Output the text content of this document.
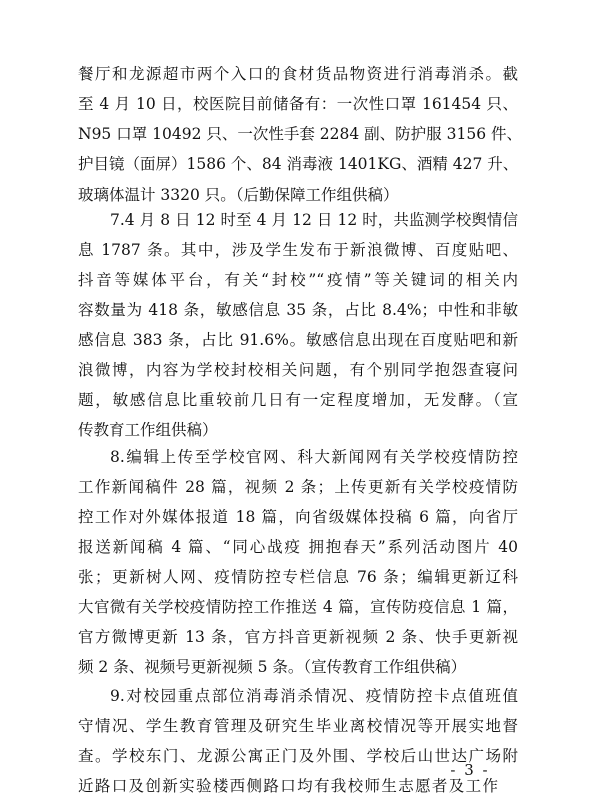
餐厅和龙源超市两个入口的食材货品物资进行消毒消杀。截
至 4 月 10 日，校医院目前储备有：一次性口罩 161454 只、
N95 口罩 10492 只、一次性手套 2284 副、防护服 3156 件、
护目镜（面屏）1586 个、84 消毒液 1401KG、酒精 427 升、
玻璃体温计 3320 只。（后勤保障工作组供稿）
7.4 月 8 日 12 时至 4 月 12 日 12 时，共监测学校舆情信
息 1787 条。其中，涉及学生发布于新浪微博、百度贴吧、
抖音等媒体平台，有关“封校”“疫情”等关键词的相关内
容数量为 418 条，敏感信息 35 条，占比 8.4%；中性和非敏
感信息 383 条，占比 91.6%。敏感信息出现在百度贴吧和新
浪微博，内容为学校封校相关问题，有个别同学抱怨查寝问
题，敏感信息比重较前几日有一定程度增加，无发酵。（宣
传教育工作组供稿）
8.编辑上传至学校官网、科大新闻网有关学校疫情防控
工作新闻稿件 28 篇，视频 2 条；上传更新有关学校疫情防
控工作对外媒体报道 18 篇，向省级媒体投稿 6 篇，向省厅
报送新闻稿 4 篇、“同心战疫 拥抱春天”系列活动图片 40
张；更新树人网、疫情防控专栏信息 76 条；编辑更新辽科
大官微有关学校疫情防控工作推送 4 篇，宣传防疫信息 1 篇，
官方微博更新 13 条，官方抖音更新视频 2 条、快手更新视
频 2 条、视频号更新视频 5 条。（宣传教育工作组供稿）
9.对校园重点部位消毒消杀情况、疫情防控卡点值班值
守情况、学生教育管理及研究生毕业离校情况等开展实地督
查。学校东门、龙源公寓正门及外围、学校后山世达广场附
近路口及创新实验楼西侧路口均有我校师生志愿者及工作
- 3 -
